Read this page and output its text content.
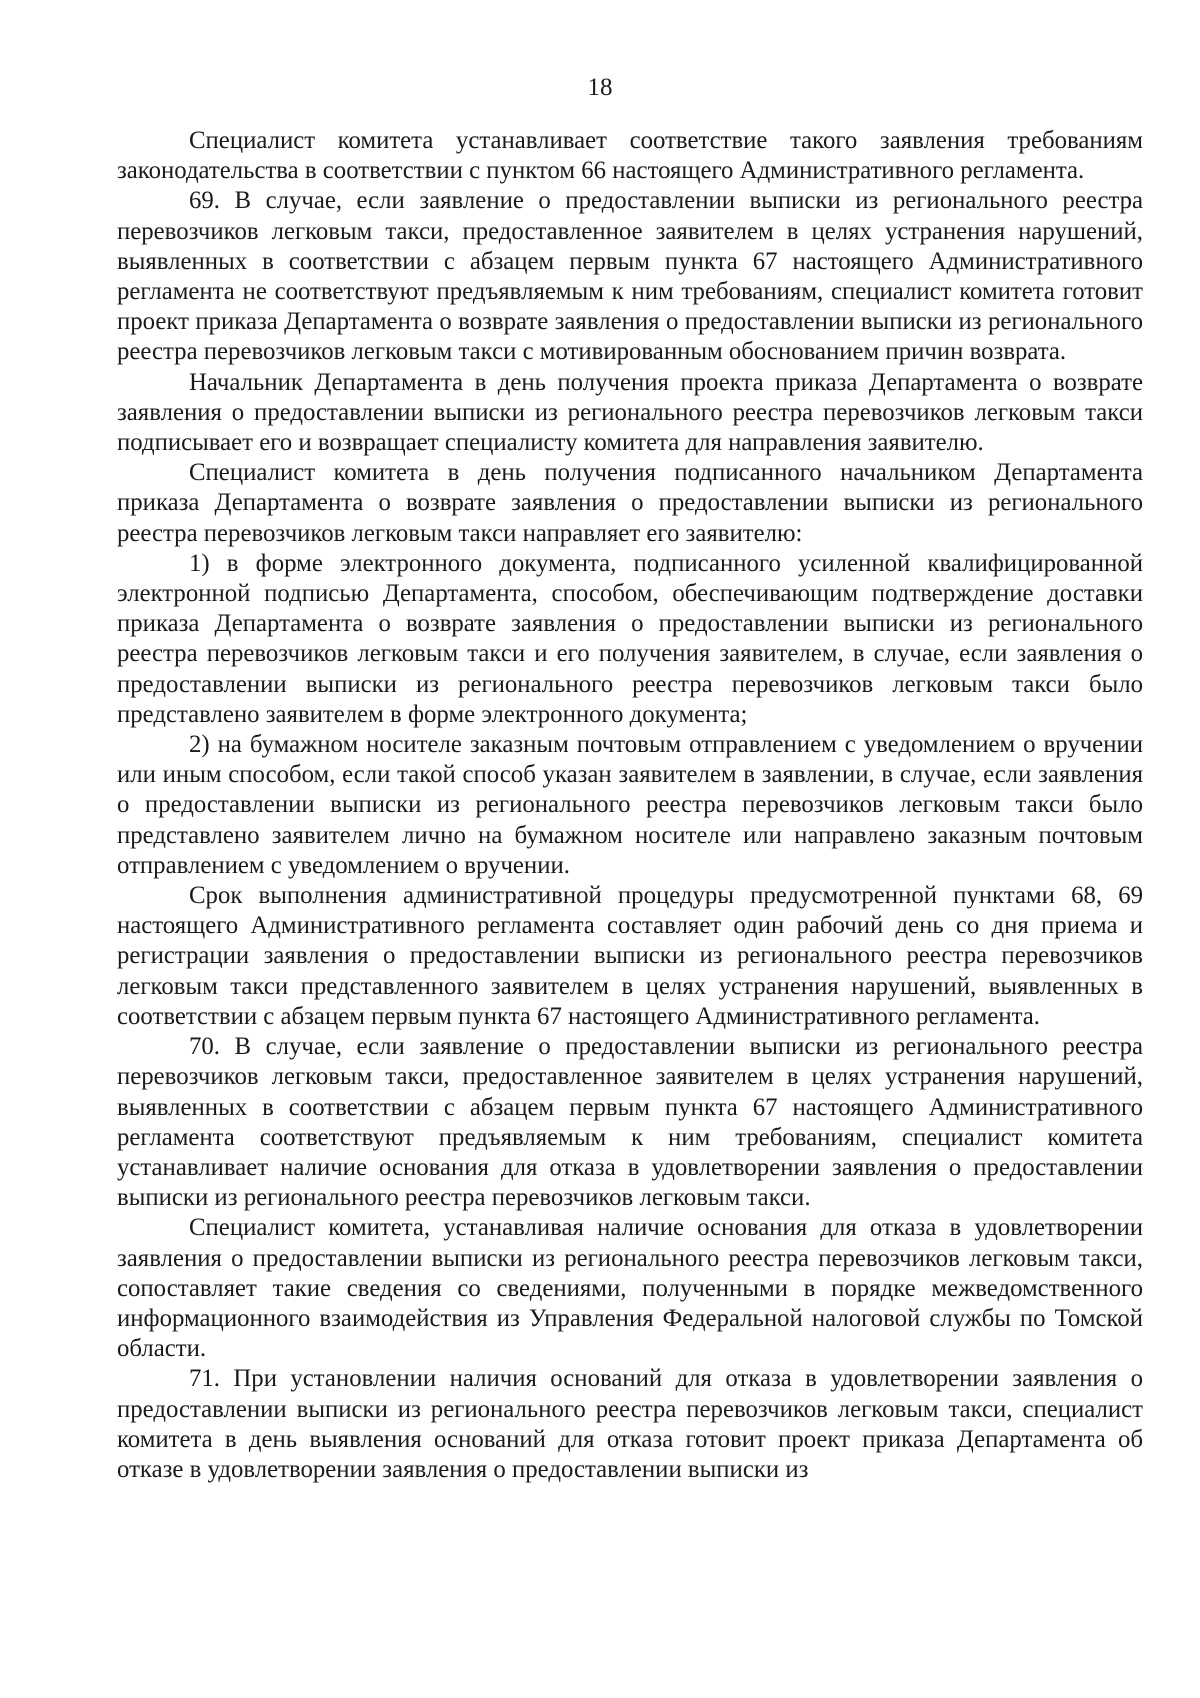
18

Специалист комитета устанавливает соответствие такого заявления требованиям законодательства в соответствии с пунктом 66 настоящего Административного регламента.

69. В случае, если заявление о предоставлении выписки из регионального реестра перевозчиков легковым такси, предоставленное заявителем в целях устранения нарушений, выявленных в соответствии с абзацем первым пункта 67 настоящего Административного регламента не соответствуют предъявляемым к ним требованиям, специалист комитета готовит проект приказа Департамента о возврате заявления о предоставлении выписки из регионального реестра перевозчиков легковым такси с мотивированным обоснованием причин возврата.

Начальник Департамента в день получения проекта приказа Департамента о возврате заявления о предоставлении выписки из регионального реестра перевозчиков легковым такси подписывает его и возвращает специалисту комитета для направления заявителю.

Специалист комитета в день получения подписанного начальником Департамента приказа Департамента о возврате заявления о предоставлении выписки из регионального реестра перевозчиков легковым такси направляет его заявителю:

1) в форме электронного документа, подписанного усиленной квалифицированной электронной подписью Департамента, способом, обеспечивающим подтверждение доставки приказа Департамента о возврате заявления о предоставлении выписки из регионального реестра перевозчиков легковым такси и его получения заявителем, в случае, если заявления о предоставлении выписки из регионального реестра перевозчиков легковым такси было представлено заявителем в форме электронного документа;

2) на бумажном носителе заказным почтовым отправлением с уведомлением о вручении или иным способом, если такой способ указан заявителем в заявлении, в случае, если заявления о предоставлении выписки из регионального реестра перевозчиков легковым такси было представлено заявителем лично на бумажном носителе или направлено заказным почтовым отправлением с уведомлением о вручении.

Срок выполнения административной процедуры предусмотренной пунктами 68, 69 настоящего Административного регламента составляет один рабочий день со дня приема и регистрации заявления о предоставлении выписки из регионального реестра перевозчиков легковым такси представленного заявителем в целях устранения нарушений, выявленных в соответствии с абзацем первым пункта 67 настоящего Административного регламента.

70. В случае, если заявление о предоставлении выписки из регионального реестра перевозчиков легковым такси, предоставленное заявителем в целях устранения нарушений, выявленных в соответствии с абзацем первым пункта 67 настоящего Административного регламента соответствуют предъявляемым к ним требованиям, специалист комитета устанавливает наличие основания для отказа в удовлетворении заявления о предоставлении выписки из регионального реестра перевозчиков легковым такси.

Специалист комитета, устанавливая наличие основания для отказа в удовлетворении заявления о предоставлении выписки из регионального реестра перевозчиков легковым такси, сопоставляет такие сведения со сведениями, полученными в порядке межведомственного информационного взаимодействия из Управления Федеральной налоговой службы по Томской области.

71. При установлении наличия оснований для отказа в удовлетворении заявления о предоставлении выписки из регионального реестра перевозчиков легковым такси, специалист комитета в день выявления оснований для отказа готовит проект приказа Департамента об отказе в удовлетворении заявления о предоставлении выписки из
